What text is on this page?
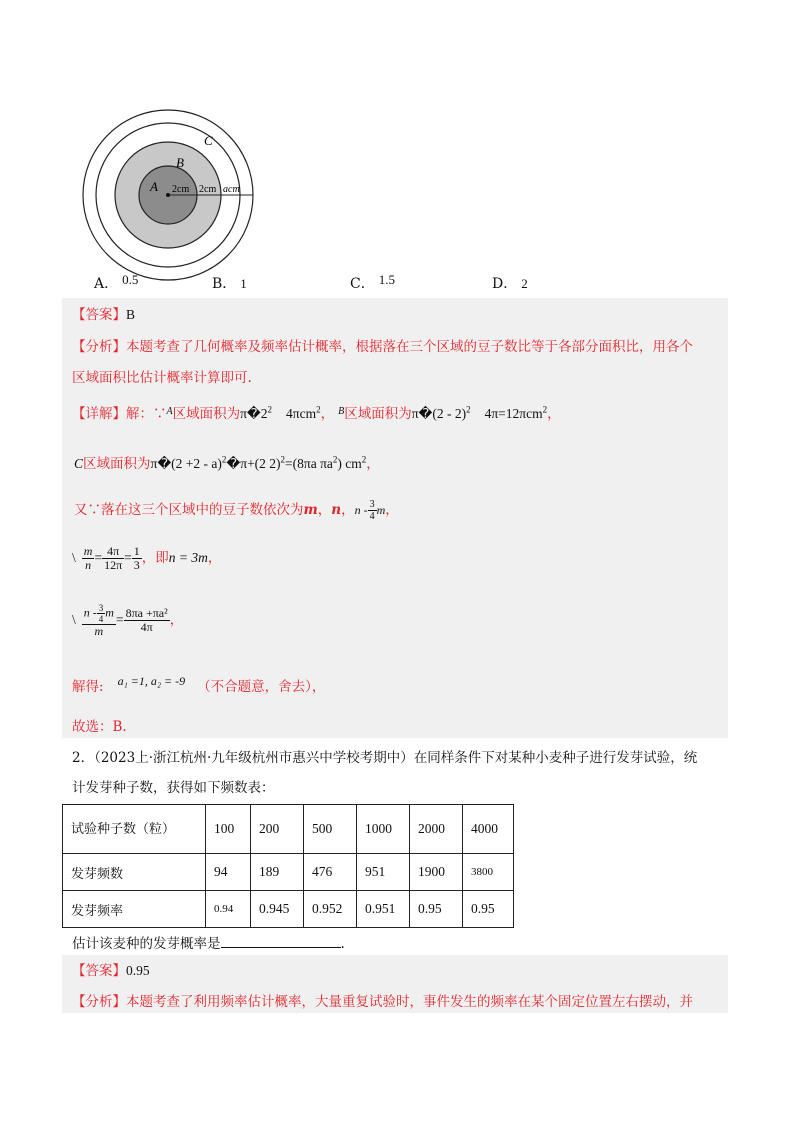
A
B
C
2cm 2cm acm
A． 0.5	B． 1	C． 1.5	D． 2
【答案】B
【分析】本题考查了几何概率及频率估计概率，根据落在三个区域的豆子数比等于各部分面积比，用各个
区域面积比估计概率计算即可.
【详解】解：∵$^A$区域面积为$\pi�2^2$ 4πcm$^2$， $^B$区域面积为π�(2 - 2)$^2$ 4π=12πcm$^2$，
C区域面积为π�(2 +2 - a)$^2$�π+(2 2)$^2$=(8πa $\pi a^2$) $cm^2$，
又∵落在这三个区域中的豆子数依次为m，n，n - $\frac{3}{4}$ m，
\ $\frac{m}{n} = \frac{4\pi}{12\pi} = \frac{1}{3}$ ，即n = 3m，
\ $\frac{n - \frac{3}{4} m}{m} = \frac{\text{8πa +πa²}}{4\pi}$ ，
解得: a₁ =1, a₂ = -9 （不合题意，舍去），
故选：B.
2．（2023上·浙江杭州·九年级杭州市惠兴中学校考期中）在同样条件下对某种小麦种子进行发芽试验，统
计发芽种子数，获得如下频数表：
试验种子数（粒）	100	200	500	1000	2000	4000
发芽频数	94	189	476	951	1900	3800
发芽频率	0.94	0.945	0.952	0.951	0.95	0.95
估计该麦种的发芽概率是	.
【答案】0.95
【分析】本题考查了利用频率估计概率，大量重复试验时，事件发生的频率在某个固定位置左右摆动，并
